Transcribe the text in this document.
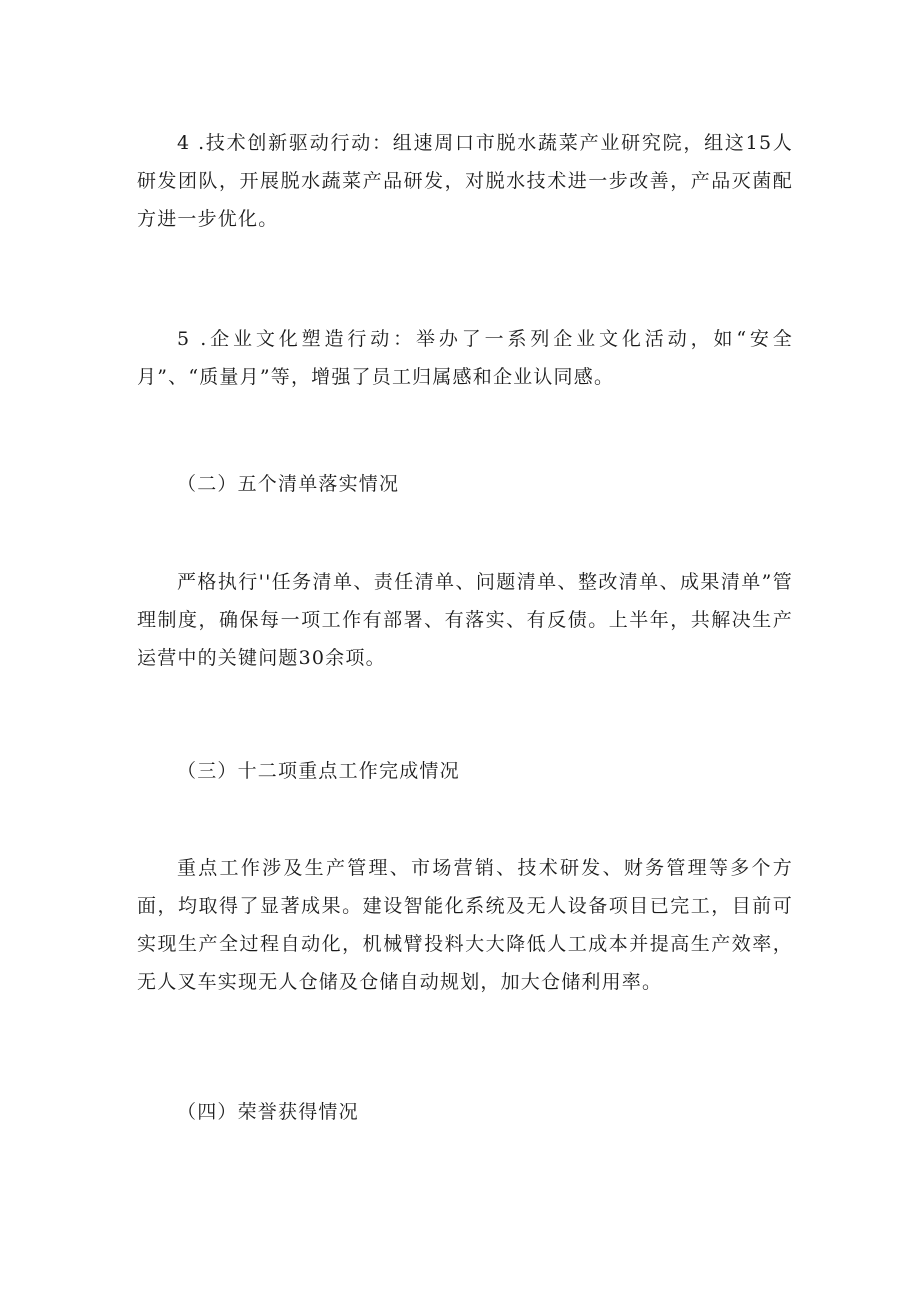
4 .技术创新驱动行动：组速周口市脱水蔬菜产业研究院，组这15人研发团队，开展脱水蔬菜产品研发，对脱水技术进一步改善，产品灭菌配方进一步优化。

5 .企业文化塑造行动：举办了一系列企业文化活动，如“安全月”、“质量月”等，增强了员工归属感和企业认同感。

（二）五个清单落实情况

严格执行''任务清单、责任清单、问题清单、整改清单、成果清单”管理制度，确保每一项工作有部署、有落实、有反债。上半年，共解决生产运营中的关键问题30余项。

（三）十二项重点工作完成情况

重点工作涉及生产管理、市场营销、技术研发、财务管理等多个方面，均取得了显著成果。建设智能化系统及无人设备项目已完工，目前可实现生产全过程自动化，机械臂投料大大降低人工成本并提高生产效率，无人叉车实现无人仓储及仓储自动规划，加大仓储利用率。

（四）荣誉获得情况
